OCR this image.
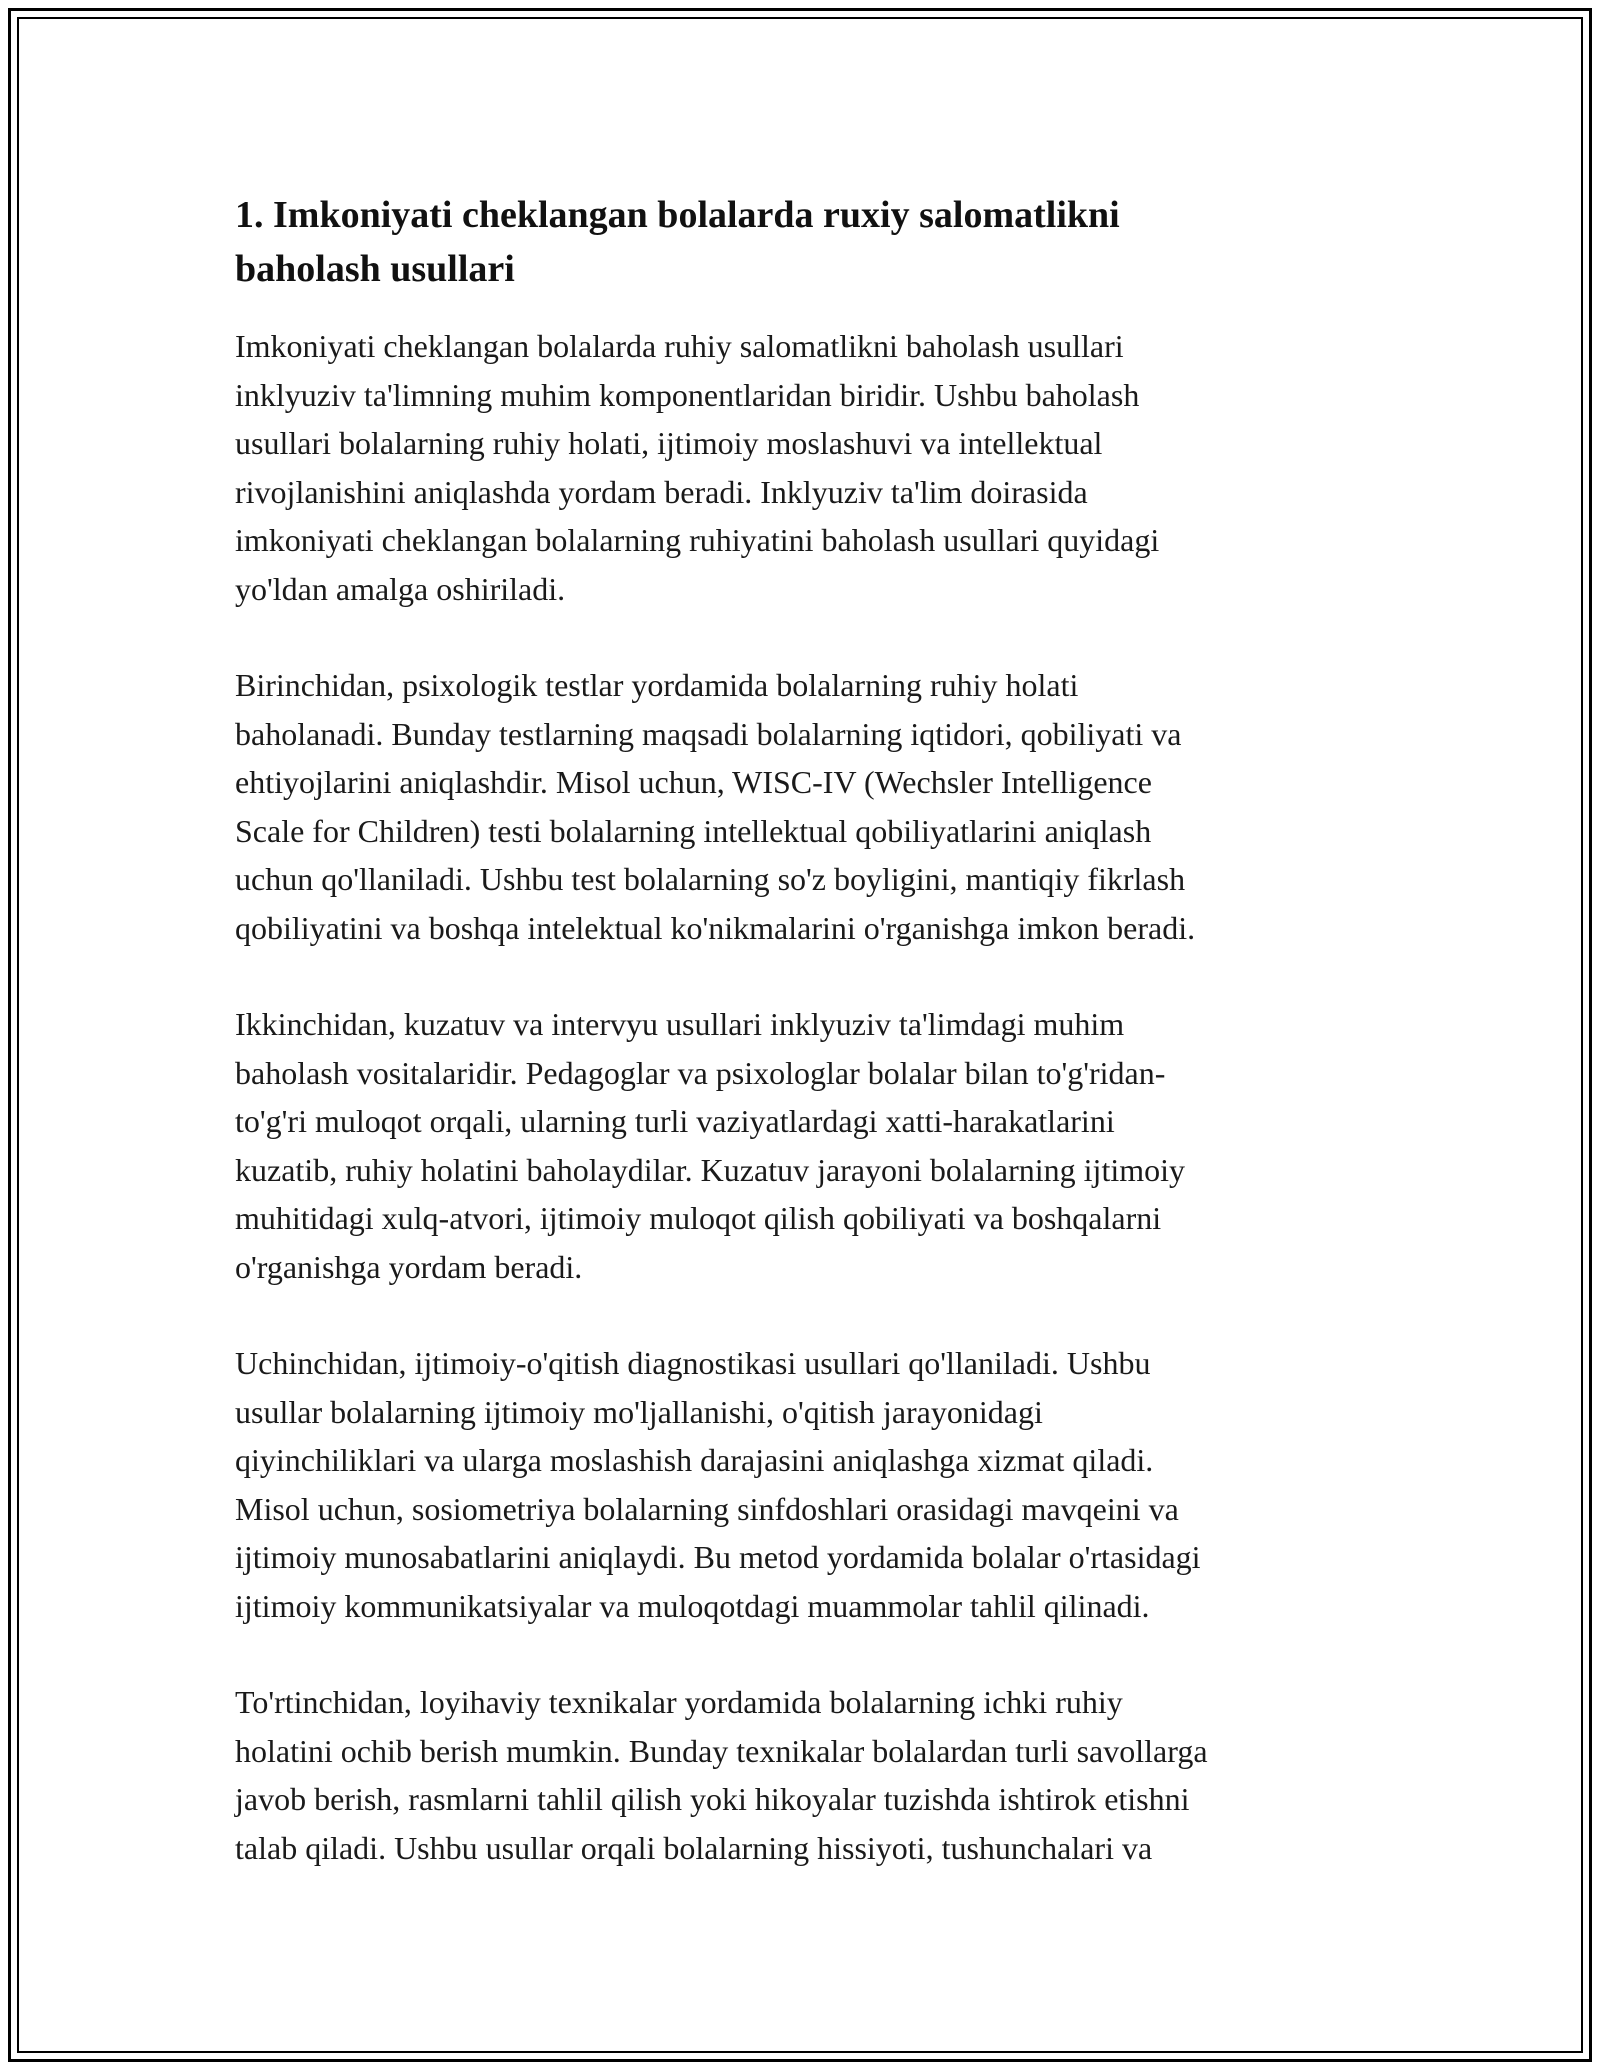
1. Imkoniyati cheklangan bolalarda ruxiy salomatlikni
baholash usullari

Imkoniyati cheklangan bolalarda ruhiy salomatlikni baholash usullari
inklyuziv ta'limning muhim komponentlaridan biridir. Ushbu baholash
usullari bolalarning ruhiy holati, ijtimoiy moslashuvi va intellektual
rivojlanishini aniqlashda yordam beradi. Inklyuziv ta'lim doirasida
imkoniyati cheklangan bolalarning ruhiyatini baholash usullari quyidagi
yo'ldan amalga oshiriladi.

Birinchidan, psixologik testlar yordamida bolalarning ruhiy holati
baholanadi. Bunday testlarning maqsadi bolalarning iqtidori, qobiliyati va
ehtiyojlarini aniqlashdir. Misol uchun, WISC-IV (Wechsler Intelligence
Scale for Children) testi bolalarning intellektual qobiliyatlarini aniqlash
uchun qo'llaniladi. Ushbu test bolalarning so'z boyligini, mantiqiy fikrlash
qobiliyatini va boshqa intelektual ko'nikmalarini o'rganishga imkon beradi.

Ikkinchidan, kuzatuv va intervyu usullari inklyuziv ta'limdagi muhim
baholash vositalaridir. Pedagoglar va psixologlar bolalar bilan to'g'ridan-
to'g'ri muloqot orqali, ularning turli vaziyatlardagi xatti-harakatlarini
kuzatib, ruhiy holatini baholaydilar. Kuzatuv jarayoni bolalarning ijtimoiy
muhitidagi xulq-atvori, ijtimoiy muloqot qilish qobiliyati va boshqalarni
o'rganishga yordam beradi.

Uchinchidan, ijtimoiy-o'qitish diagnostikasi usullari qo'llaniladi. Ushbu
usullar bolalarning ijtimoiy mo'ljallanishi, o'qitish jarayonidagi
qiyinchiliklari va ularga moslashish darajasini aniqlashga xizmat qiladi.
Misol uchun, sosiometriya bolalarning sinfdoshlari orasidagi mavqeini va
ijtimoiy munosabatlarini aniqlaydi. Bu metod yordamida bolalar o'rtasidagi
ijtimoiy kommunikatsiyalar va muloqotdagi muammolar tahlil qilinadi.

To'rtinchidan, loyihaviy texnikalar yordamida bolalarning ichki ruhiy
holatini ochib berish mumkin. Bunday texnikalar bolalardan turli savollarga
javob berish, rasmlarni tahlil qilish yoki hikoyalar tuzishda ishtirok etishni
talab qiladi. Ushbu usullar orqali bolalarning hissiyoti, tushunchalari va
